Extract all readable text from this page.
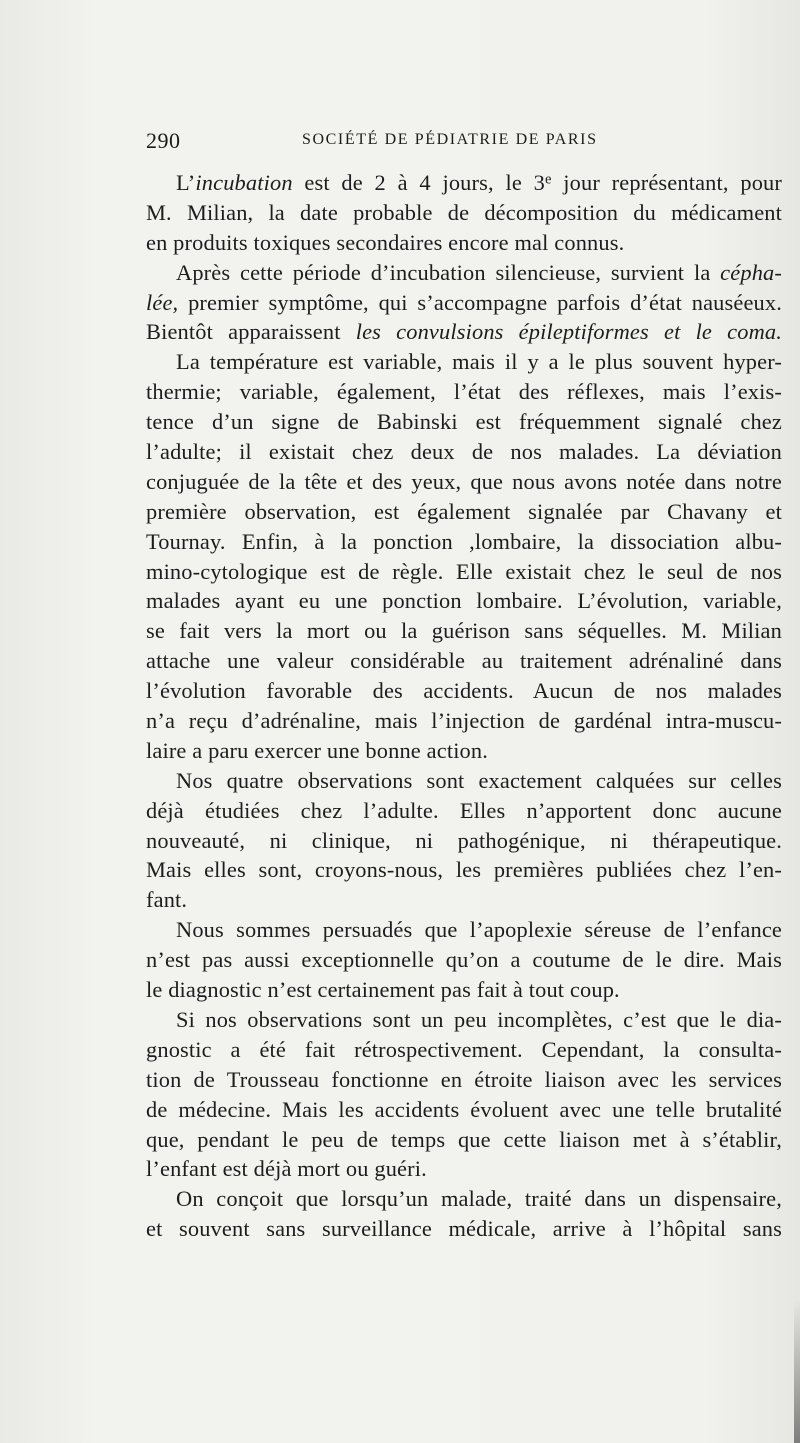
290	SOCIÉTÉ DE PÉDIATRIE DE PARIS
L’incubation est de 2 à 4 jours, le 3e jour représentant, pour
M. Milian, la date probable de décomposition du médicament
en produits toxiques secondaires encore mal connus.
Après cette période d’incubation silencieuse, survient la cépha-
lée, premier symptôme, qui s’accompagne parfois d’état nauséeux.
Bientôt apparaissent les convulsions épileptiformes et le coma.
La température est variable, mais il y a le plus souvent hyper-
thermie; variable, également, l’état des réflexes, mais l’exis-
tence d’un signe de Babinski est fréquemment signalé chez
l’adulte; il existait chez deux de nos malades. La déviation
conjuguée de la tête et des yeux, que nous avons notée dans notre
première observation, est également signalée par Chavany et
Tournay. Enfin, à la ponction ,lombaire, la dissociation albu-
mino-cytologique est de règle. Elle existait chez le seul de nos
malades ayant eu une ponction lombaire. L’évolution, variable,
se fait vers la mort ou la guérison sans séquelles. M. Milian
attache une valeur considérable au traitement adrénaliné dans
l’évolution favorable des accidents. Aucun de nos malades
n’a reçu d’adrénaline, mais l’injection de gardénal intra-muscu-
laire a paru exercer une bonne action.
Nos quatre observations sont exactement calquées sur celles
déjà étudiées chez l’adulte. Elles n’apportent donc aucune
nouveauté, ni clinique, ni pathogénique, ni thérapeutique.
Mais elles sont, croyons-nous, les premières publiées chez l’en-
fant.
Nous sommes persuadés que l’apoplexie séreuse de l’enfance
n’est pas aussi exceptionnelle qu’on a coutume de le dire. Mais
le diagnostic n’est certainement pas fait à tout coup.
Si nos observations sont un peu incomplètes, c’est que le dia-
gnostic a été fait rétrospectivement. Cependant, la consulta-
tion de Trousseau fonctionne en étroite liaison avec les services
de médecine. Mais les accidents évoluent avec une telle brutalité
que, pendant le peu de temps que cette liaison met à s’établir,
l’enfant est déjà mort ou guéri.
On conçoit que lorsqu’un malade, traité dans un dispensaire,
et souvent sans surveillance médicale, arrive à l’hôpital sans
